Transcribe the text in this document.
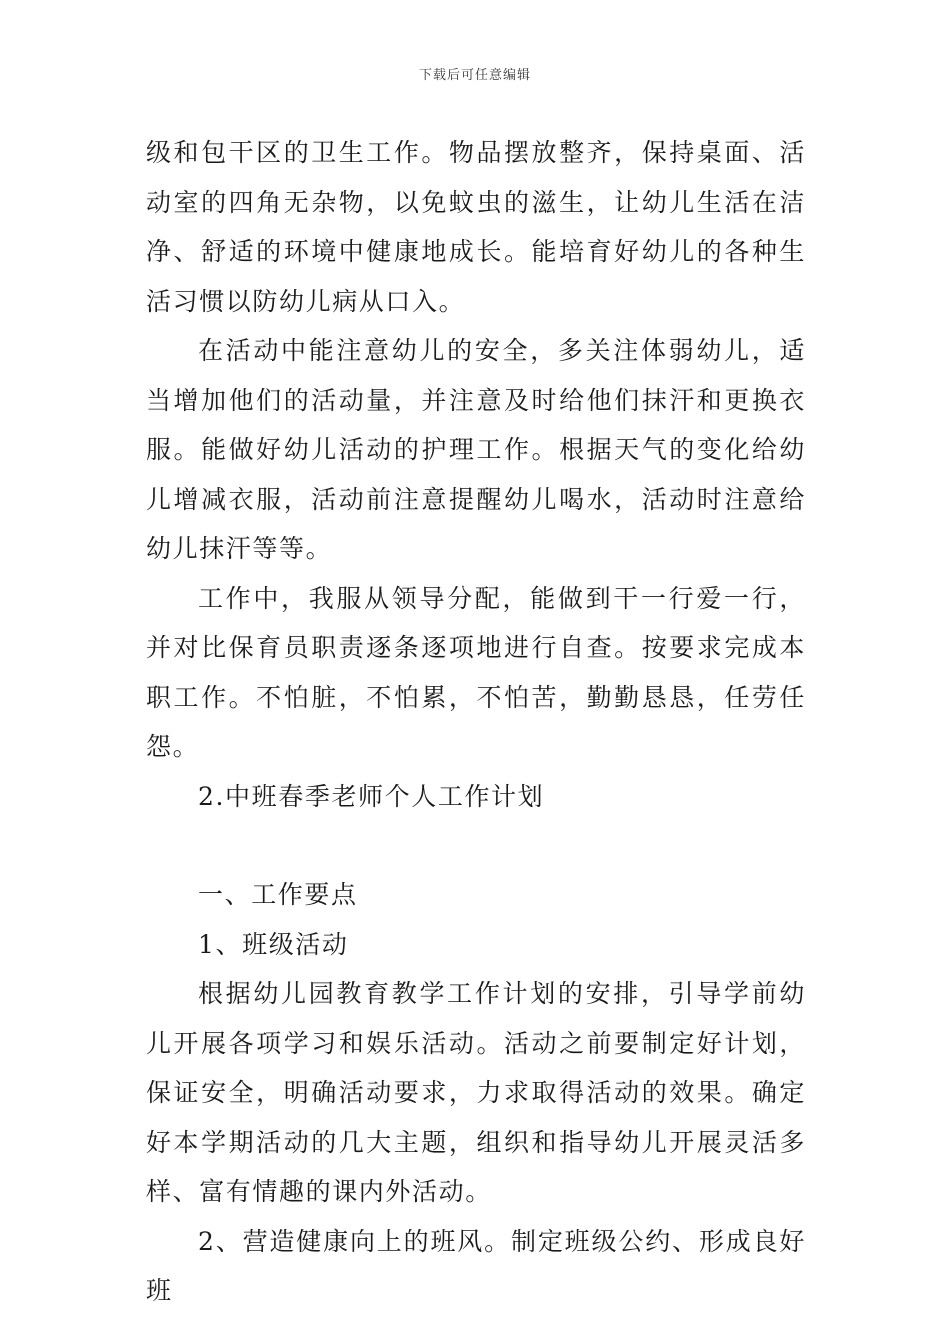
下载后可任意编辑

级和包干区的卫生工作。物品摆放整齐，保持桌面、活动室的四角无杂物，以免蚊虫的滋生，让幼儿生活在洁净、舒适的环境中健康地成长。能培育好幼儿的各种生活习惯以防幼儿病从口入。

在活动中能注意幼儿的安全，多关注体弱幼儿，适当增加他们的活动量，并注意及时给他们抹汗和更换衣服。能做好幼儿活动的护理工作。根据天气的变化给幼儿增减衣服，活动前注意提醒幼儿喝水，活动时注意给幼儿抹汗等等。

工作中，我服从领导分配，能做到干一行爱一行，并对比保育员职责逐条逐项地进行自查。按要求完成本职工作。不怕脏，不怕累，不怕苦，勤勤恳恳，任劳任怨。

2.中班春季老师个人工作计划

一、工作要点

1、班级活动

根据幼儿园教育教学工作计划的安排，引导学前幼儿开展各项学习和娱乐活动。活动之前要制定好计划，保证安全，明确活动要求，力求取得活动的效果。确定好本学期活动的几大主题，组织和指导幼儿开展灵活多样、富有情趣的课内外活动。

2、营造健康向上的班风。制定班级公约、形成良好班
